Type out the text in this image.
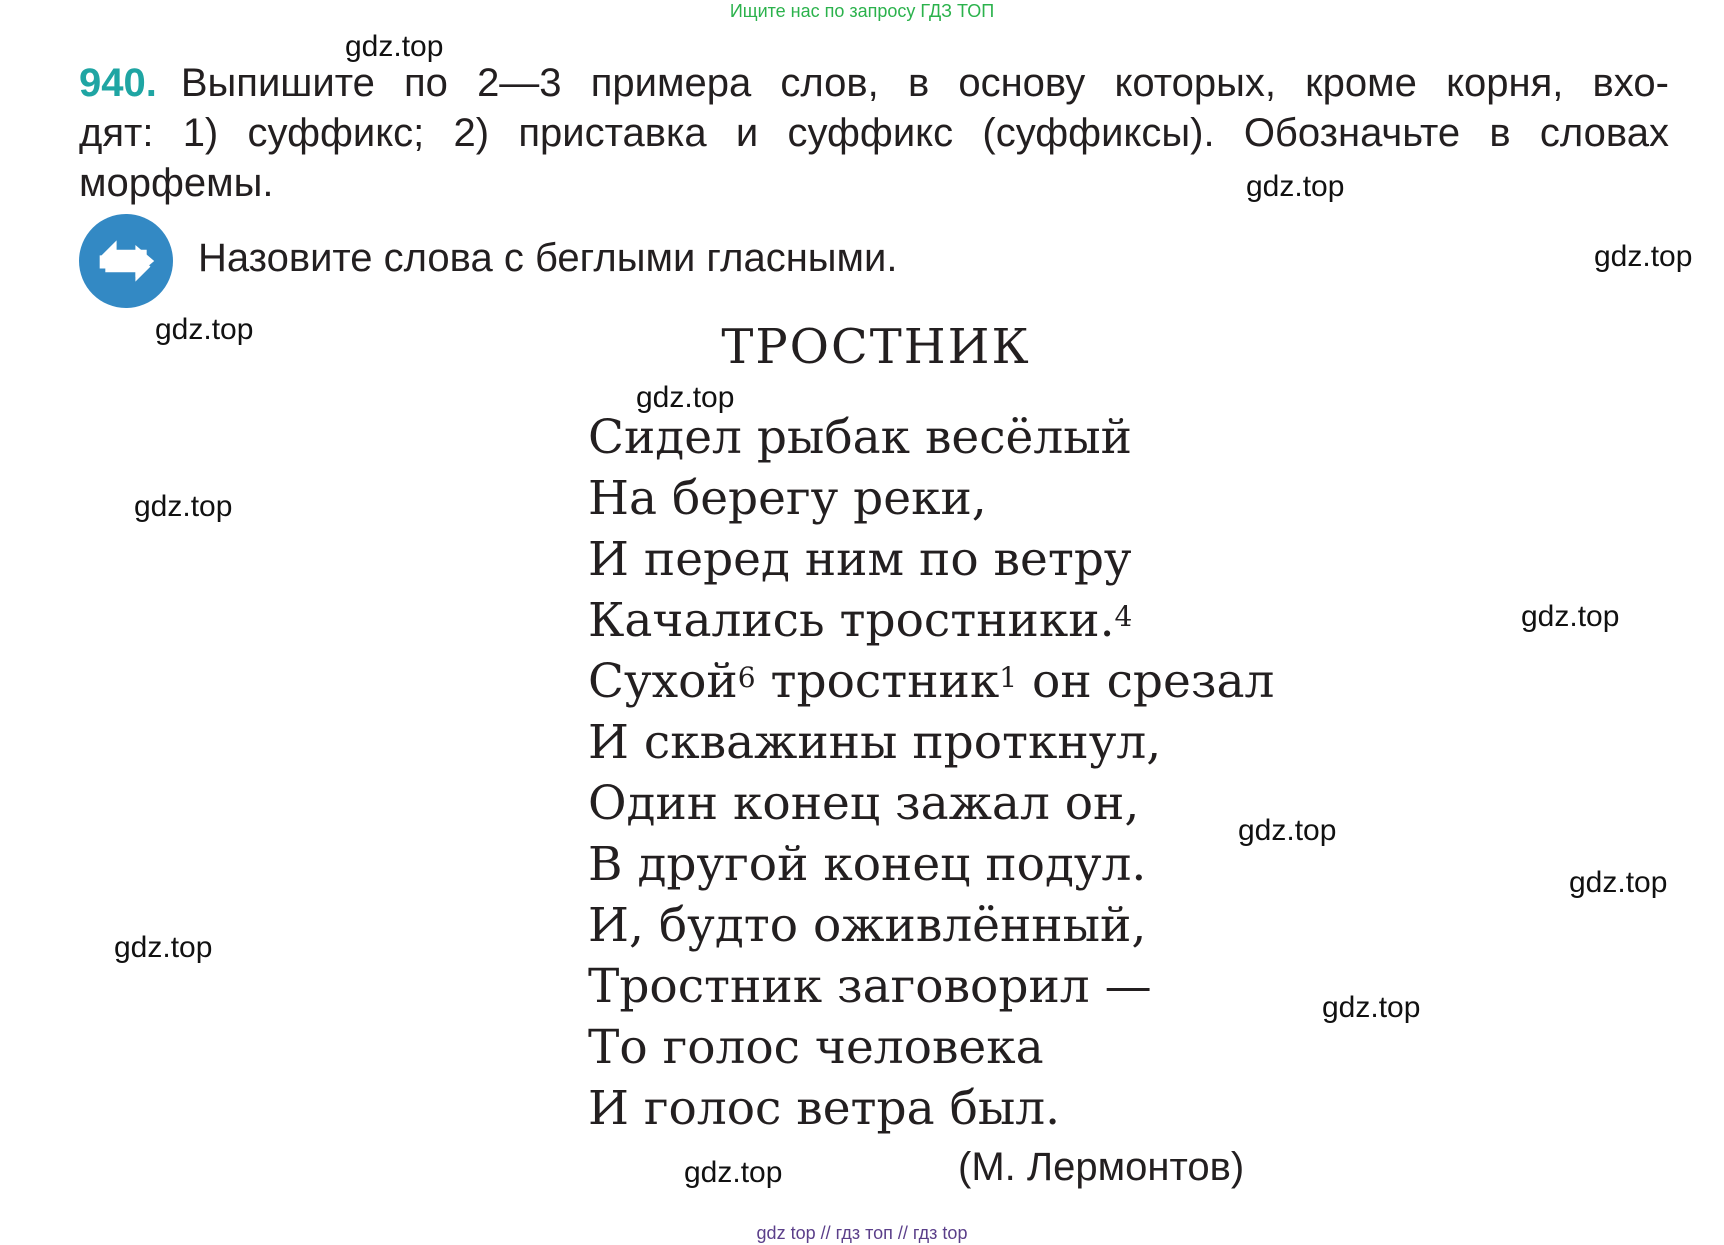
Ищите нас по запросу ГДЗ ТОП
940. Выпишите по 2—3 примера слов, в основу которых, кроме корня, вхо-
дят: 1) суффикс; 2) приставка и суффикс (суффиксы). Обозначьте в словах
морфемы.
Назовите слова с беглыми гласными.
ТРОСТНИК
Сидел рыбак весёлый
На берегу реки,
И перед ним по ветру
Качались тростники.$^4$
Сухой$^6$ тростник$^1$ он срезал
И скважины проткнул,
Один конец зажал он,
В другой конец подул.
И, будто оживлённый,
Тростник заговорил —
То голос человека
И голос ветра был.
(М. Лермонтов)
gdz.top
gdz.top
gdz.top
gdz.top
gdz.top
gdz.top
gdz.top
gdz.top
gdz.top
gdz.top
gdz.top
gdz.top
gdz top // гдз топ // гдз top
